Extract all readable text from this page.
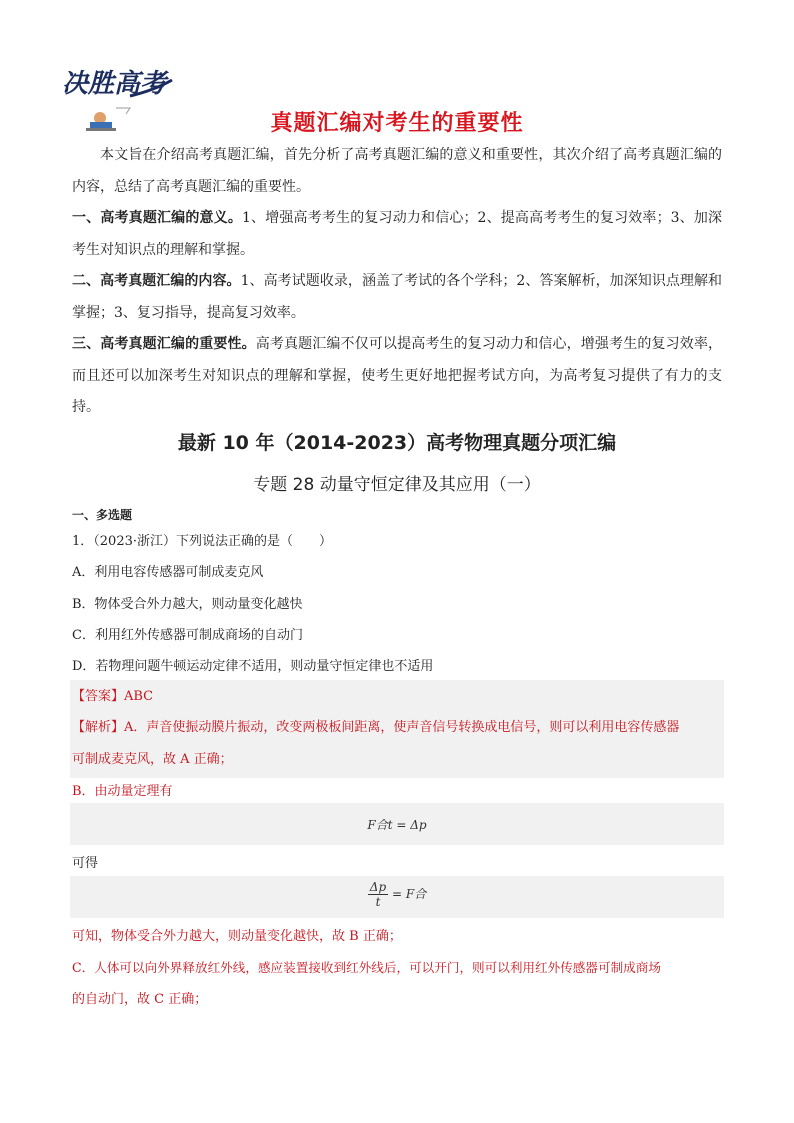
决胜高考
真题汇编对考生的重要性

本文旨在介绍高考真题汇编，首先分析了高考真题汇编的意义和重要性，其次介绍了高考真题汇编的内容，总结了高考真题汇编的重要性。

一、高考真题汇编的意义。1、增强高考考生的复习动力和信心；2、提高高考考生的复习效率；3、加深考生对知识点的理解和掌握。

二、高考真题汇编的内容。1、高考试题收录，涵盖了考试的各个学科；2、答案解析，加深知识点理解和掌握；3、复习指导，提高复习效率。

三、高考真题汇编的重要性。高考真题汇编不仅可以提高考生的复习动力和信心，增强考生的复习效率，而且还可以加深考生对知识点的理解和掌握，使考生更好地把握考试方向，为高考复习提供了有力的支持。

最新 10 年（2014-2023）高考物理真题分项汇编
专题 28 动量守恒定律及其应用（一）
一、多选题
1．（2023·浙江）下列说法正确的是（　　）
A．利用电容传感器可制成麦克风
B．物体受合外力越大，则动量变化越快
C．利用红外传感器可制成商场的自动门
D．若物理问题牛顿运动定律不适用，则动量守恒定律也不适用
【答案】ABC
【解析】A．声音使振动膜片振动，改变两极板间距离，使声音信号转换成电信号，则可以利用电容传感器
可制成麦克风，故 A 正确；
B．由动量定理有
F合t = Δp
可得
$\frac{\Delta p}{t} = F$合
可知，物体受合外力越大，则动量变化越快，故 B 正确；
C．人体可以向外界释放红外线，感应装置接收到红外线后，可以开门，则可以利用红外传感器可制成商场
的自动门，故 C 正确；
